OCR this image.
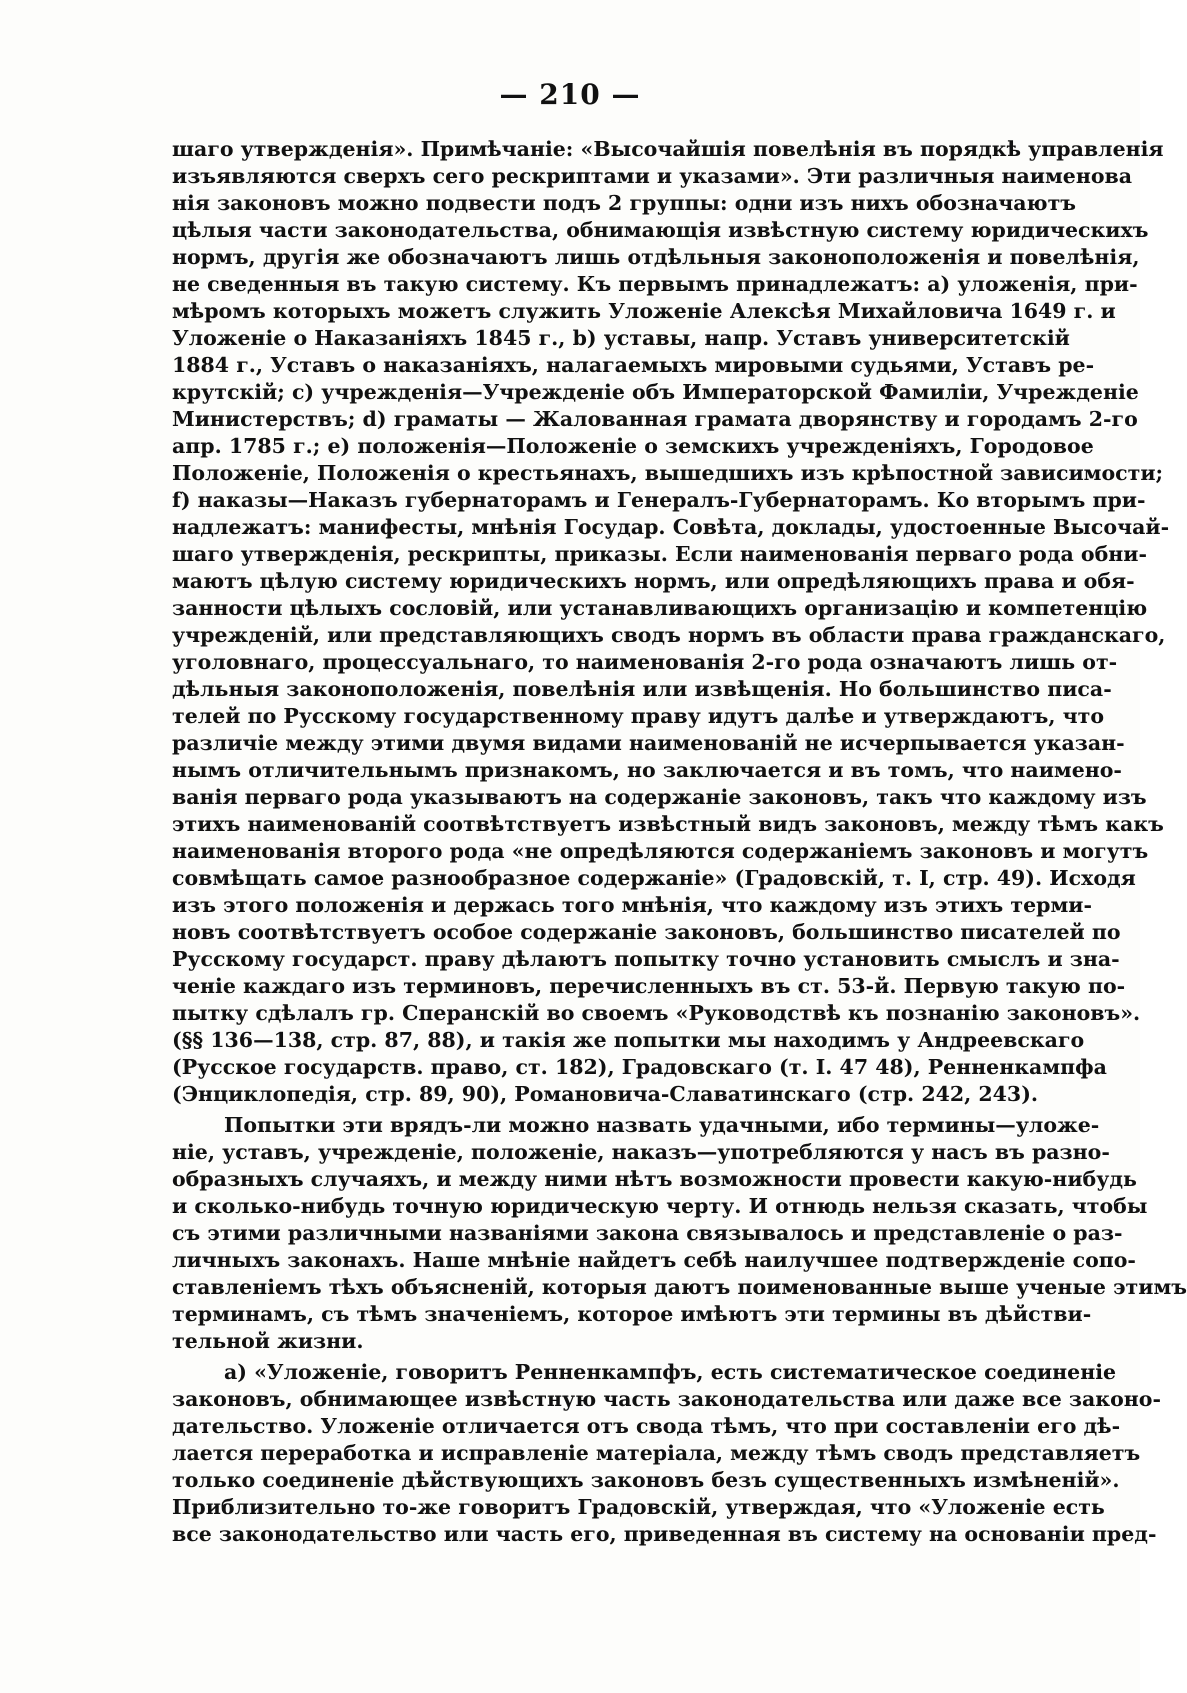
— 210 —
шаго утвержденія». Примѣчаніе: «Высочайшія повелѣнія въ порядкѣ управленія
изъявляются сверхъ сего рескриптами и указами». Эти различныя наименова
нія законовъ можно подвести подъ 2 группы: одни изъ нихъ обозначаютъ
цѣлыя части законодательства, обнимающія извѣстную систему юридическихъ
нормъ, другія же обозначаютъ лишь отдѣльныя законоположенія и повелѣнія,
не сведенныя въ такую систему. Къ первымъ принадлежатъ: а) уложенія, при-
мѣромъ которыхъ можетъ служить Уложеніе Алексѣя Михайловича 1649 г. и
Уложеніе о Наказаніяхъ 1845 г., b) уставы, напр. Уставъ университетскій
1884 г., Уставъ о наказаніяхъ, налагаемыхъ мировыми судьями, Уставъ ре-
крутскій; с) учрежденія—Учрежденіе объ Императорской Фамиліи, Учрежденіе
Министерствъ; d) граматы — Жалованная грамата дворянству и городамъ 2-го
апр. 1785 г.; е) положенія—Положеніе о земскихъ учрежденіяхъ, Городовое
Положеніе, Положенія о крестьянахъ, вышедшихъ изъ крѣпостной зависимости;
f) наказы—Наказъ губернаторамъ и Генералъ-Губернаторамъ. Ко вторымъ при-
надлежатъ: манифесты, мнѣнія Государ. Совѣта, доклады, удостоенные Высочай-
шаго утвержденія, рескрипты, приказы. Если наименованія перваго рода обни-
маютъ цѣлую систему юридическихъ нормъ, или опредѣляющихъ права и обя-
занности цѣлыхъ сословій, или устанавливающихъ организацію и компетенцію
учрежденій, или представляющихъ сводъ нормъ въ области права гражданскаго,
уголовнаго, процессуальнаго, то наименованія 2-го рода означаютъ лишь от-
дѣльныя законоположенія, повелѣнія или извѣщенія. Но большинство писа-
телей по Русскому государственному праву идутъ далѣе и утверждаютъ, что
различіе между этими двумя видами наименованій не исчерпывается указан-
нымъ отличительнымъ признакомъ, но заключается и въ томъ, что наимено-
ванія перваго рода указываютъ на содержаніе законовъ, такъ что каждому изъ
этихъ наименованій соотвѣтствуетъ извѣстный видъ законовъ, между тѣмъ какъ
наименованія второго рода «не опредѣляются содержаніемъ законовъ и могутъ
совмѣщать самое разнообразное содержаніе» (Градовскій, т. I, стр. 49). Исходя
изъ этого положенія и держась того мнѣнія, что каждому изъ этихъ терми-
новъ соотвѣтствуетъ особое содержаніе законовъ, большинство писателей по
Русскому государст. праву дѣлаютъ попытку точно установить смыслъ и зна-
ченіе каждаго изъ терминовъ, перечисленныхъ въ ст. 53-й. Первую такую по-
пытку сдѣлалъ гр. Сперанскій во своемъ «Руководствѣ къ познанію законовъ».
(§§ 136—138, стр. 87, 88), и такія же попытки мы находимъ у Андреевскаго
(Русское государств. право, ст. 182), Градовскаго (т. I. 47 48), Ренненкампфа
(Энциклопедія, стр. 89, 90), Романовича-Славатинскаго (стр. 242, 243).
Попытки эти врядъ-ли можно назвать удачными, ибо термины—уложе-
ніе, уставъ, учрежденіе, положеніе, наказъ—употребляются у насъ въ разно-
образныхъ случаяхъ, и между ними нѣтъ возможности провести какую-нибудь
и сколько-нибудь точную юридическую черту. И отнюдь нельзя сказать, чтобы
съ этими различными названіями закона связывалось и представленіе о раз-
личныхъ законахъ. Наше мнѣніе найдетъ себѣ наилучшее подтвержденіе сопо-
ставленіемъ тѣхъ объясненій, которыя даютъ поименованные выше ученые этимъ
терминамъ, съ тѣмъ значеніемъ, которое имѣютъ эти термины въ дѣйстви-
тельной жизни.
а) «Уложеніе, говоритъ Ренненкампфъ, есть систематическое соединеніе
законовъ, обнимающее извѣстную часть законодательства или даже все законо-
дательство. Уложеніе отличается отъ свода тѣмъ, что при составленіи его дѣ-
лается переработка и исправленіе матеріала, между тѣмъ сводъ представляетъ
только соединеніе дѣйствующихъ законовъ безъ существенныхъ измѣненій».
Приблизительно то-же говоритъ Градовскій, утверждая, что «Уложеніе есть
все законодательство или часть его, приведенная въ систему на основаніи пред-
